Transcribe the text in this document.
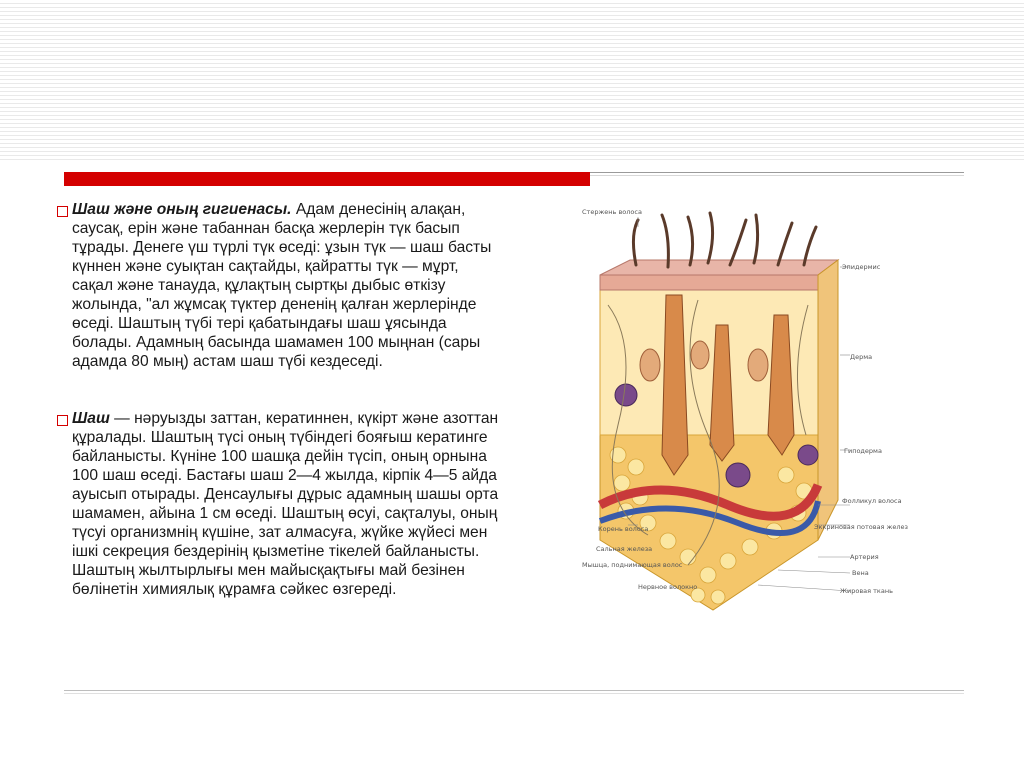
Шаш және оның гигиенасы. Адам денесінің алақан, саусақ, ерін және табаннан басқа жерлерін түк басып тұрады. Денеге үш түрлі түк өседі: ұзын түк — шаш басты күннен және суықтан сақтайды, қайратты түк — мұрт, сақал және танауда, құлақтың сыртқы дыбыс өткізу жолында, "ал жұмсақ түктер дененің қалған жерлерінде өседі. Шаштың түбі тері қабатындағы шаш ұясында болады. Адамның басында шамамен 100 мыңнан (сары адамда 80 мың) астам шаш түбі кездеседі.
Шаш — нәруызды заттан, кератиннен, күкірт және азоттан құралады. Шаштың түсі оның түбіндегі бояғыш кератинге байланысты. Күніне 100 шашқа дейін түсіп, оның орнына 100 шаш өседі. Бастағы шаш 2—4 жылда, кірпік 4—5 айда ауысып отырады. Денсаулығы дұрыс адамның шашы орта шамамен, айына 1 см өседі. Шаштың өсуі, сақталуы, оның түсуі организмнің күшіне, зат алмасуға, жүйке жүйесі мен ішкі секреция бездерінің қызметіне тікелей байланысты. Шаштың жылтырлығы мен майысқақтығы май безінен бөлінетін химиялық құрамға сәйкес өзгереді.
Стержень волоса
Корень волоса
Сальная железа
Мышца, поднимающая волос
Нервное волокно
Эпидермис
Дерма
Гиподерма
Фолликул волоса
Эккриновая потовая железа
Артерия
Вена
Жировая ткань
